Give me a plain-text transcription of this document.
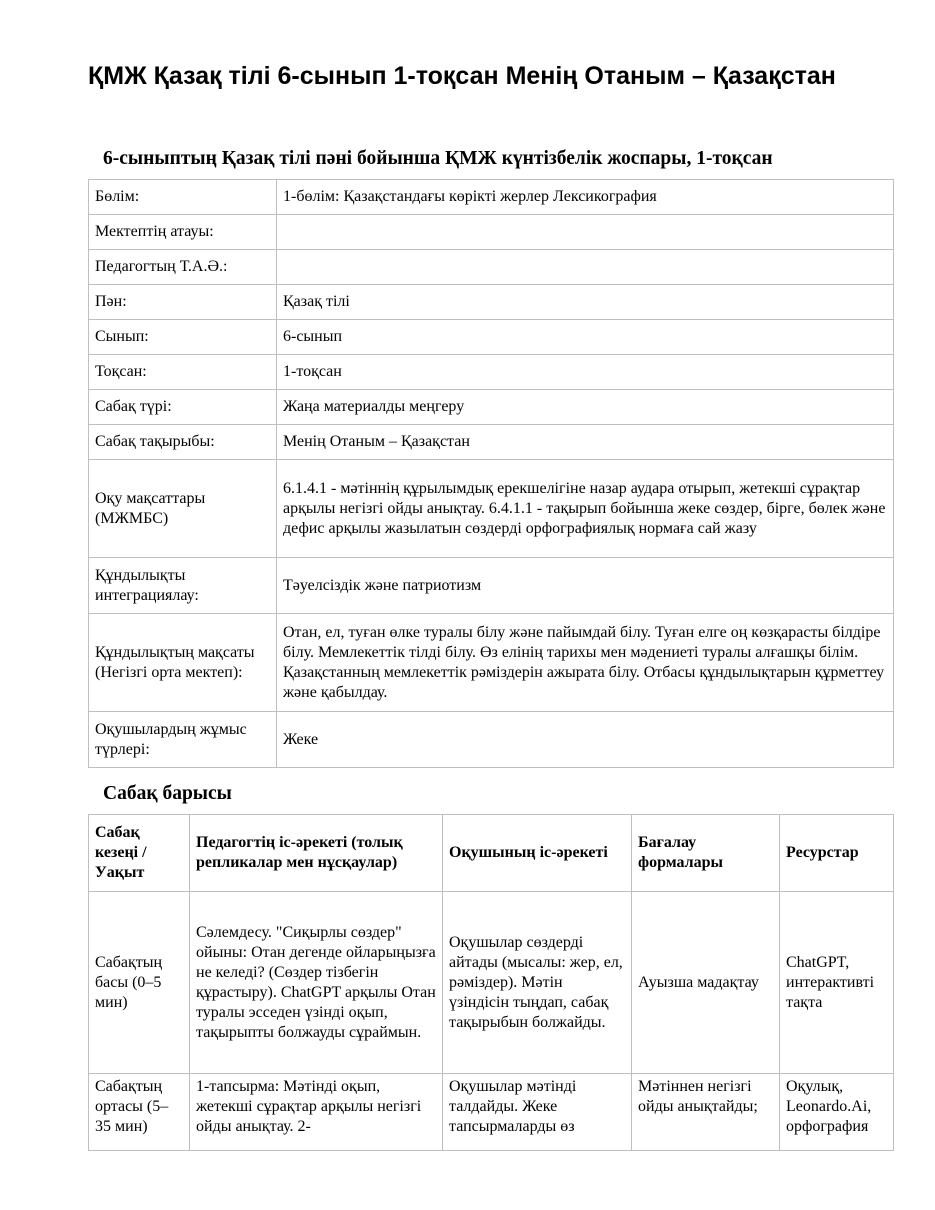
ҚМЖ Қазақ тілі 6-сынып 1-тоқсан Менің Отаным – Қазақстан
6-сыныптың Қазақ тілі пәні бойынша ҚМЖ күнтізбелік жоспары, 1-тоқсан
Бөлім:	1-бөлім: Қазақстандағы көрікті жерлер Лексикография
Мектептің атауы:	
Педагогтың Т.А.Ә.:	
Пән:	Қазақ тілі
Сынып:	6-сынып
Тоқсан:	1-тоқсан
Сабақ түрі:	Жаңа материалды меңгеру
Сабақ тақырыбы:	Менің Отаным – Қазақстан
Оқу мақсаттары (МЖМБС)	6.1.4.1 - мәтіннің құрылымдық ерекшелігіне назар аудара отырып, жетекші сұрақтар арқылы негізгі ойды анықтау. 6.4.1.1 - тақырып бойынша жеке сөздер, бірге, бөлек және дефис арқылы жазылатын сөздерді орфографиялық нормаға сай жазу
Құндылықты интеграциялау:	Тәуелсіздік және патриотизм
Құндылықтың мақсаты (Негізгі орта мектеп):	Отан, ел, туған өлке туралы білу және пайымдай білу. Туған елге оң көзқарасты білдіре білу. Мемлекеттік тілді білу. Өз елінің тарихы мен мәдениеті туралы алғашқы білім. Қазақстанның мемлекеттік рәміздерін ажырата білу. Отбасы құндылықтарын құрметтеу және қабылдау.
Оқушылардың жұмыс түрлері:	Жеке
Сабақ барысы
Сабақ кезеңі / Уақыт	Педагогтің іс-әрекеті (толық репликалар мен нұсқаулар)	Оқушының іс-әрекеті	Бағалау формалары	Ресурстар
Сабақтың басы (0–5 мин)	Сәлемдесу. "Сиқырлы сөздер" ойыны: Отан дегенде ойларыңызға не келеді? (Сөздер тізбегін құрастыру). ChatGPT арқылы Отан туралы эсседен үзінді оқып, тақырыпты болжауды сұраймын.	Оқушылар сөздерді айтады (мысалы: жер, ел, рәміздер). Мәтін үзіндісін тыңдап, сабақ тақырыбын болжайды.	Ауызша мадақтау	ChatGPT, интерактивті тақта
Сабақтың ортасы (5–35 мин)	1-тапсырма: Мәтінді оқып, жетекші сұрақтар арқылы негізгі ойды анықтау. 2-	Оқушылар мәтінді талдайды. Жеке тапсырмаларды өз	Мәтіннен негізгі ойды анықтайды;	Оқулық, Leonardo.Ai, орфография
